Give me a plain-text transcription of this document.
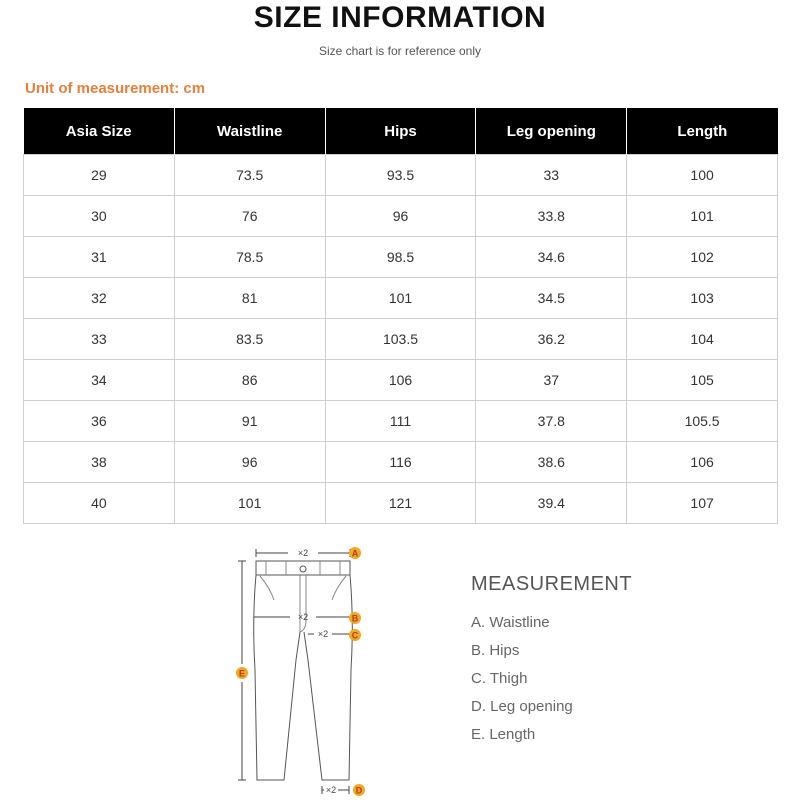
SIZE INFORMATION
Size chart is for reference only
Unit of measurement: cm
Asia Size	Waistline	Hips	Leg opening	Length
29	73.5	93.5	33	100
30	76	96	33.8	101
31	78.5	98.5	34.6	102
32	81	101	34.5	103
33	83.5	103.5	36.2	104
34	86	106	37	105
36	91	111	37.8	105.5
38	96	116	38.6	106
40	101	121	39.4	107
×2
×2
×2
×2
A
B
C
D
E
MEASUREMENT
A. Waistline
B. Hips
C. Thigh
D. Leg opening
E. Length
